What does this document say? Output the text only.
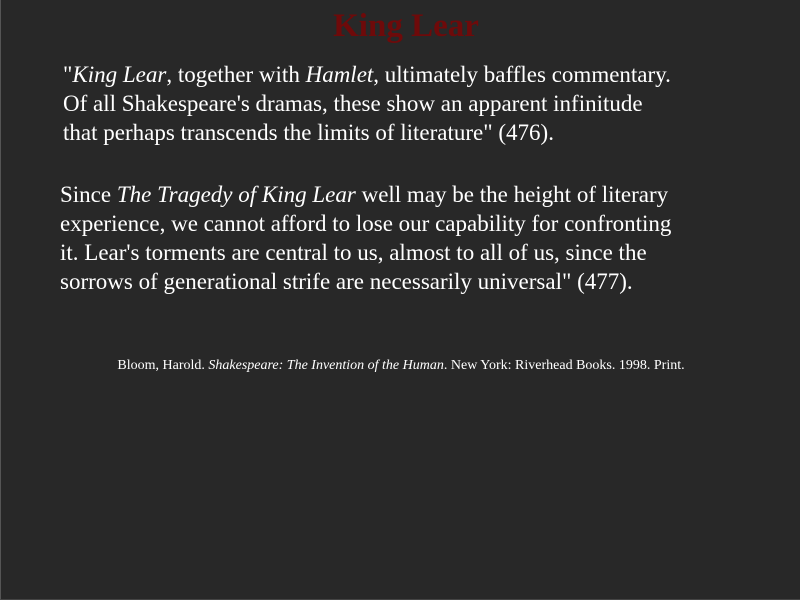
King Lear

"King Lear, together with Hamlet, ultimately baffles commentary.
Of all Shakespeare's dramas, these show an apparent infinitude
that perhaps transcends the limits of literature" (476).

Since The Tragedy of King Lear well may be the height of literary
experience, we cannot afford to lose our capability for confronting
it. Lear's torments are central to us, almost to all of us, since the
sorrows of generational strife are necessarily universal" (477).

Bloom, Harold. Shakespeare: The Invention of the Human. New York: Riverhead Books. 1998. Print.
